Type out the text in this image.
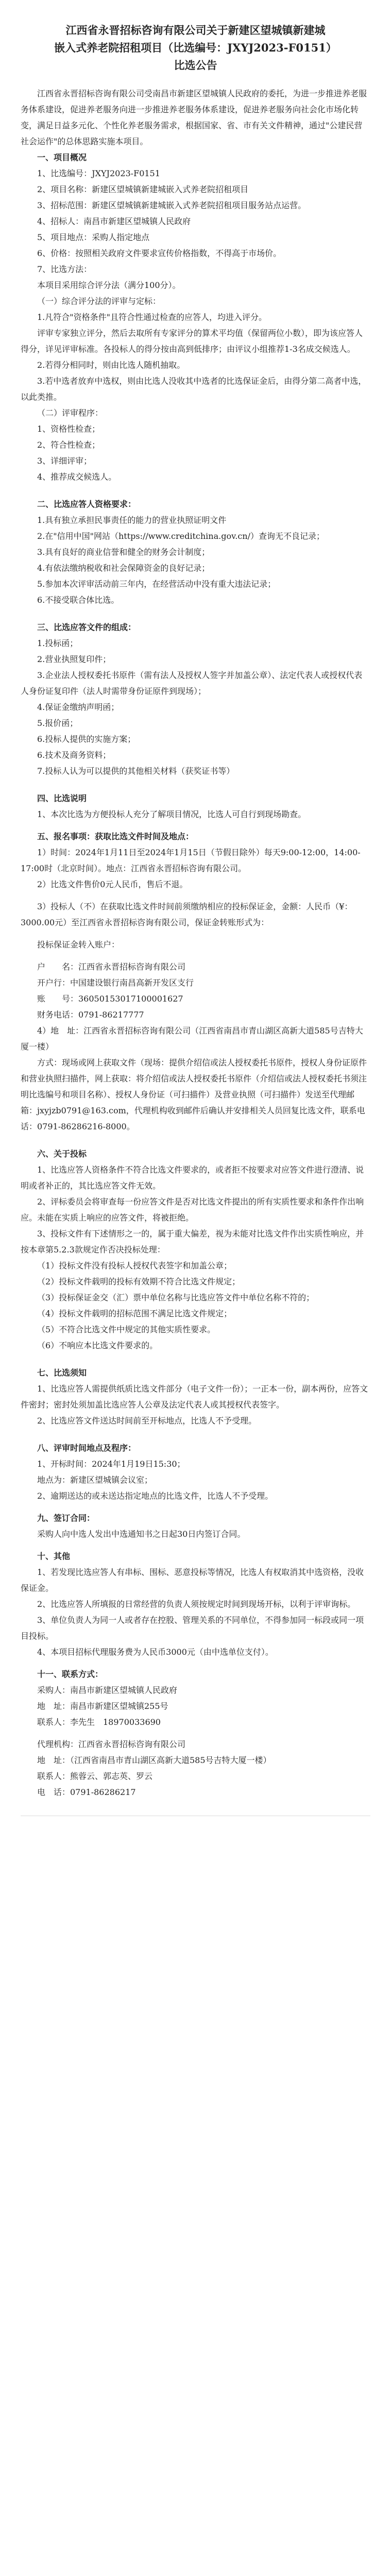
江西省永晋招标咨询有限公司关于新建区望城镇新建城
嵌入式养老院招租项目（比选编号：JXYJ2023-F0151）
比选公告

江西省永晋招标咨询有限公司受南昌市新建区望城镇人民政府的委托，为进一步推进养老服务体系建设，促进养老服务向进一步推进养老服务体系建设，促进养老服务向社会化市场化转变，满足日益多元化、个性化养老服务需求，根据国家、省、市有关文件精神，通过"公建民营社会运作"的总体思路实施本项目。

一、项目概况

1、比选编号：JXYJ2023-F0151

2、项目名称：新建区望城镇新建城嵌入式养老院招租项目

3、招标范围：新建区望城镇新建城嵌入式养老院招租项目服务站点运营。

4、招标人：南昌市新建区望城镇人民政府

5、项目地点：采购人指定地点

6、价格：按照相关政府文件要求宣传价格指数，不得高于市场价。

7、比选方法：

本项目采用综合评分法（满分100分）。

（一）综合评分法的评审与定标：

1.凡符合"资格条件"且符合性通过检查的应答人，均进入评分。

评审专家独立评分，然后去取所有专家评分的算术平均值（保留两位小数），即为该应答人得分，详见评审标准。各投标人的得分按由高到低排序；由评议小组推荐1-3名成交候选人。

2.若得分相同时，则由比选人随机抽取。

3.若中选者放弃中选权，则由比选人没收其中选者的比选保证金后，由得分第二高者中选，以此类推。

（二）评审程序：

1、资格性检查；

2、符合性检查；

3、详细评审；

4、推荐成交候选人。

二、比选应答人资格要求：

1.具有独立承担民事责任的能力的营业执照证明文件

2.在"信用中国"网站（https://www.creditchina.gov.cn/）查询无不良记录；

3.具有良好的商业信誉和健全的财务会计制度；

4.有依法缴纳税收和社会保障资金的良好记录；

5.参加本次评审活动前三年内，在经营活动中没有重大违法记录；

6.不接受联合体比选。

三、比选应答文件的组成：

1.投标函；

2.营业执照复印件；

3.企业法人授权委托书原件（需有法人及授权人签字并加盖公章）、法定代表人或授权代表人身份证复印件（法人时需带身份证原件到现场）；

4.保证金缴纳声明函；

5.报价函；

6.投标人提供的实施方案；

6.技术及商务资料；

7.投标人认为可以提供的其他相关材料（获奖证书等）

四、比选说明

1、本次比选为方便投标人充分了解项目情况，比选人可自行到现场勘查。

五、报名事项：获取比选文件时间及地点：

1）时间：2024年1月11日至2024年1月15日（节假日除外）每天9:00-12:00，14:00-17:00时（北京时间）。地点：江西省永晋招标咨询有限公司。

2）比选文件售价0元人民币，售后不退。

3）投标人（不）在获取比选文件时间前须缴纳相应的投标保证金，金额：人民币（¥：3000.00元）至江西省永晋招标咨询有限公司，保证金转账形式为：

投标保证金转入账户：

户　　名：江西省永晋招标咨询有限公司

开户行：中国建设银行南昌高新开发区支行

账　　号：36050153017100001627

财务电话：0791-86217777

4）地　址：江西省永晋招标咨询有限公司（江西省南昌市青山湖区高新大道585号吉特大厦一楼）

方式：现场或网上获取文件（现场：提供介绍信或法人授权委托书原件，授权人身份证原件和营业执照扫描件，网上获取：将介绍信或法人授权委托书原件（介绍信或法人授权委托书须注明比选编号和项目名称）、授权人身份证（可扫描件）及营业执照（可扫描件）发送至代理邮箱：jxyjzb0791@163.com，代理机构收到邮件后确认并安排相关人员回复比选文件，联系电话：0791-86286216-8000。

六、关于投标

1、比选应答人资格条件不符合比选文件要求的，或者拒不按要求对应答文件进行澄清、说明或者补正的，其比选应答文件无效。

2、评标委员会将审查每一份应答文件是否对比选文件提出的所有实质性要求和条件作出响应。未能在实质上响应的应答文件，将被拒绝。

3、投标文件有下述情形之一的，属于重大偏差，视为未能对比选文件作出实质性响应，并按本章第5.2.3款规定作否决投标处理：

（1）投标文件没有投标人授权代表签字和加盖公章；

（2）投标文件载明的投标有效期不符合比选文件规定；

（3）投标保证金交（汇）票中单位名称与比选应答文件中单位名称不符的；

（4）投标文件载明的招标范围不满足比选文件规定；

（5）不符合比选文件中规定的其他实质性要求。

（6）不响应本比选文件要求的。

七、比选须知

1、比选应答人需提供纸质比选文件部分（电子文件一份）；一正本一份，副本两份，应答文件密封；密封处须加盖比选应答人公章及法定代表人或其授权代表签字。

2、比选应答文件送达时间前至开标地点，比选人不予受理。

八、评审时间地点及程序：

1、开标时间：2024年1月19日15:30；

地点为：新建区望城镇会议室；

2、逾期送达的或未送达指定地点的比选文件，比选人不予受理。

九、签订合同：

采购人向中选人发出中选通知书之日起30日内签订合同。

十、其他

1、若发现比选应答人有串标、围标、恶意投标等情况，比选人有权取消其中选资格，没收保证金。

2、比选应答人所填报的日常经营的负责人须按规定时间到现场开标，以利于评审询标。

3、单位负责人为同一人或者存在控股、管理关系的不同单位，不得参加同一标段或同一项目投标。

4、本项目招标代理服务费为人民币3000元（由中选单位支付）。

十一、联系方式：

采购人：南昌市新建区望城镇人民政府

地　址：南昌市新建区望城镇255号

联系人：李先生　18970033690

代理机构：江西省永晋招标咨询有限公司

地　址：（江西省南昌市青山湖区高新大道585号吉特大厦一楼）

联系人：熊蓉云、郭志英、罗云

电　话：0791-86286217
